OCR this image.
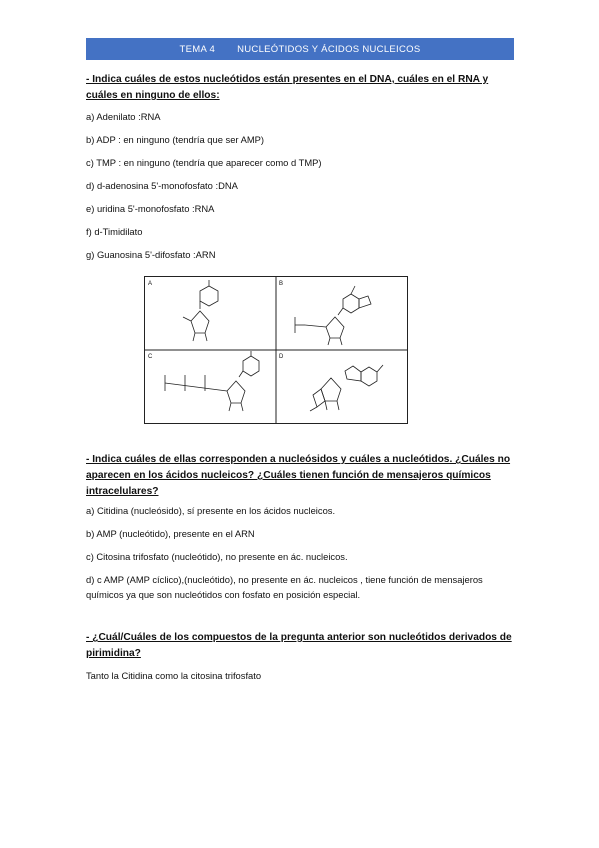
TEMA 4 NUCLEÓTIDOS Y ÁCIDOS NUCLEICOS
- Indica cuáles de estos nucleótidos están presentes en el DNA, cuáles en el RNA y cuáles en ninguno de ellos:
a) Adenilato :RNA
b) ADP : en ninguno (tendría que ser AMP)
c) TMP : en ninguno (tendría que aparecer como d TMP)
d) d-adenosina 5'-monofosfato :DNA
e) uridina 5'-monofosfato :RNA
f) d-Timidilato
g) Guanosina 5'-difosfato :ARN
A	B
C	D
- Indica cuáles de ellas corresponden a nucleósidos y cuáles a nucleótidos. ¿Cuáles no aparecen en los ácidos nucleicos? ¿Cuáles tienen función de mensajeros químicos intracelulares?
a) Citidina (nucleósido), sí presente en los ácidos nucleicos.
b) AMP (nucleótido), presente en el ARN
c) Citosina trifosfato (nucleótido), no presente en ác. nucleicos.
d) c AMP (AMP cíclico),(nucleótido), no presente en ác. nucleicos , tiene función de mensajeros químicos ya que son nucleótidos con fosfato en posición especial.
- ¿Cuál/Cuáles de los compuestos de la pregunta anterior son nucleótidos derivados de pirimidina?
Tanto la Citidina como la citosina trifosfato
